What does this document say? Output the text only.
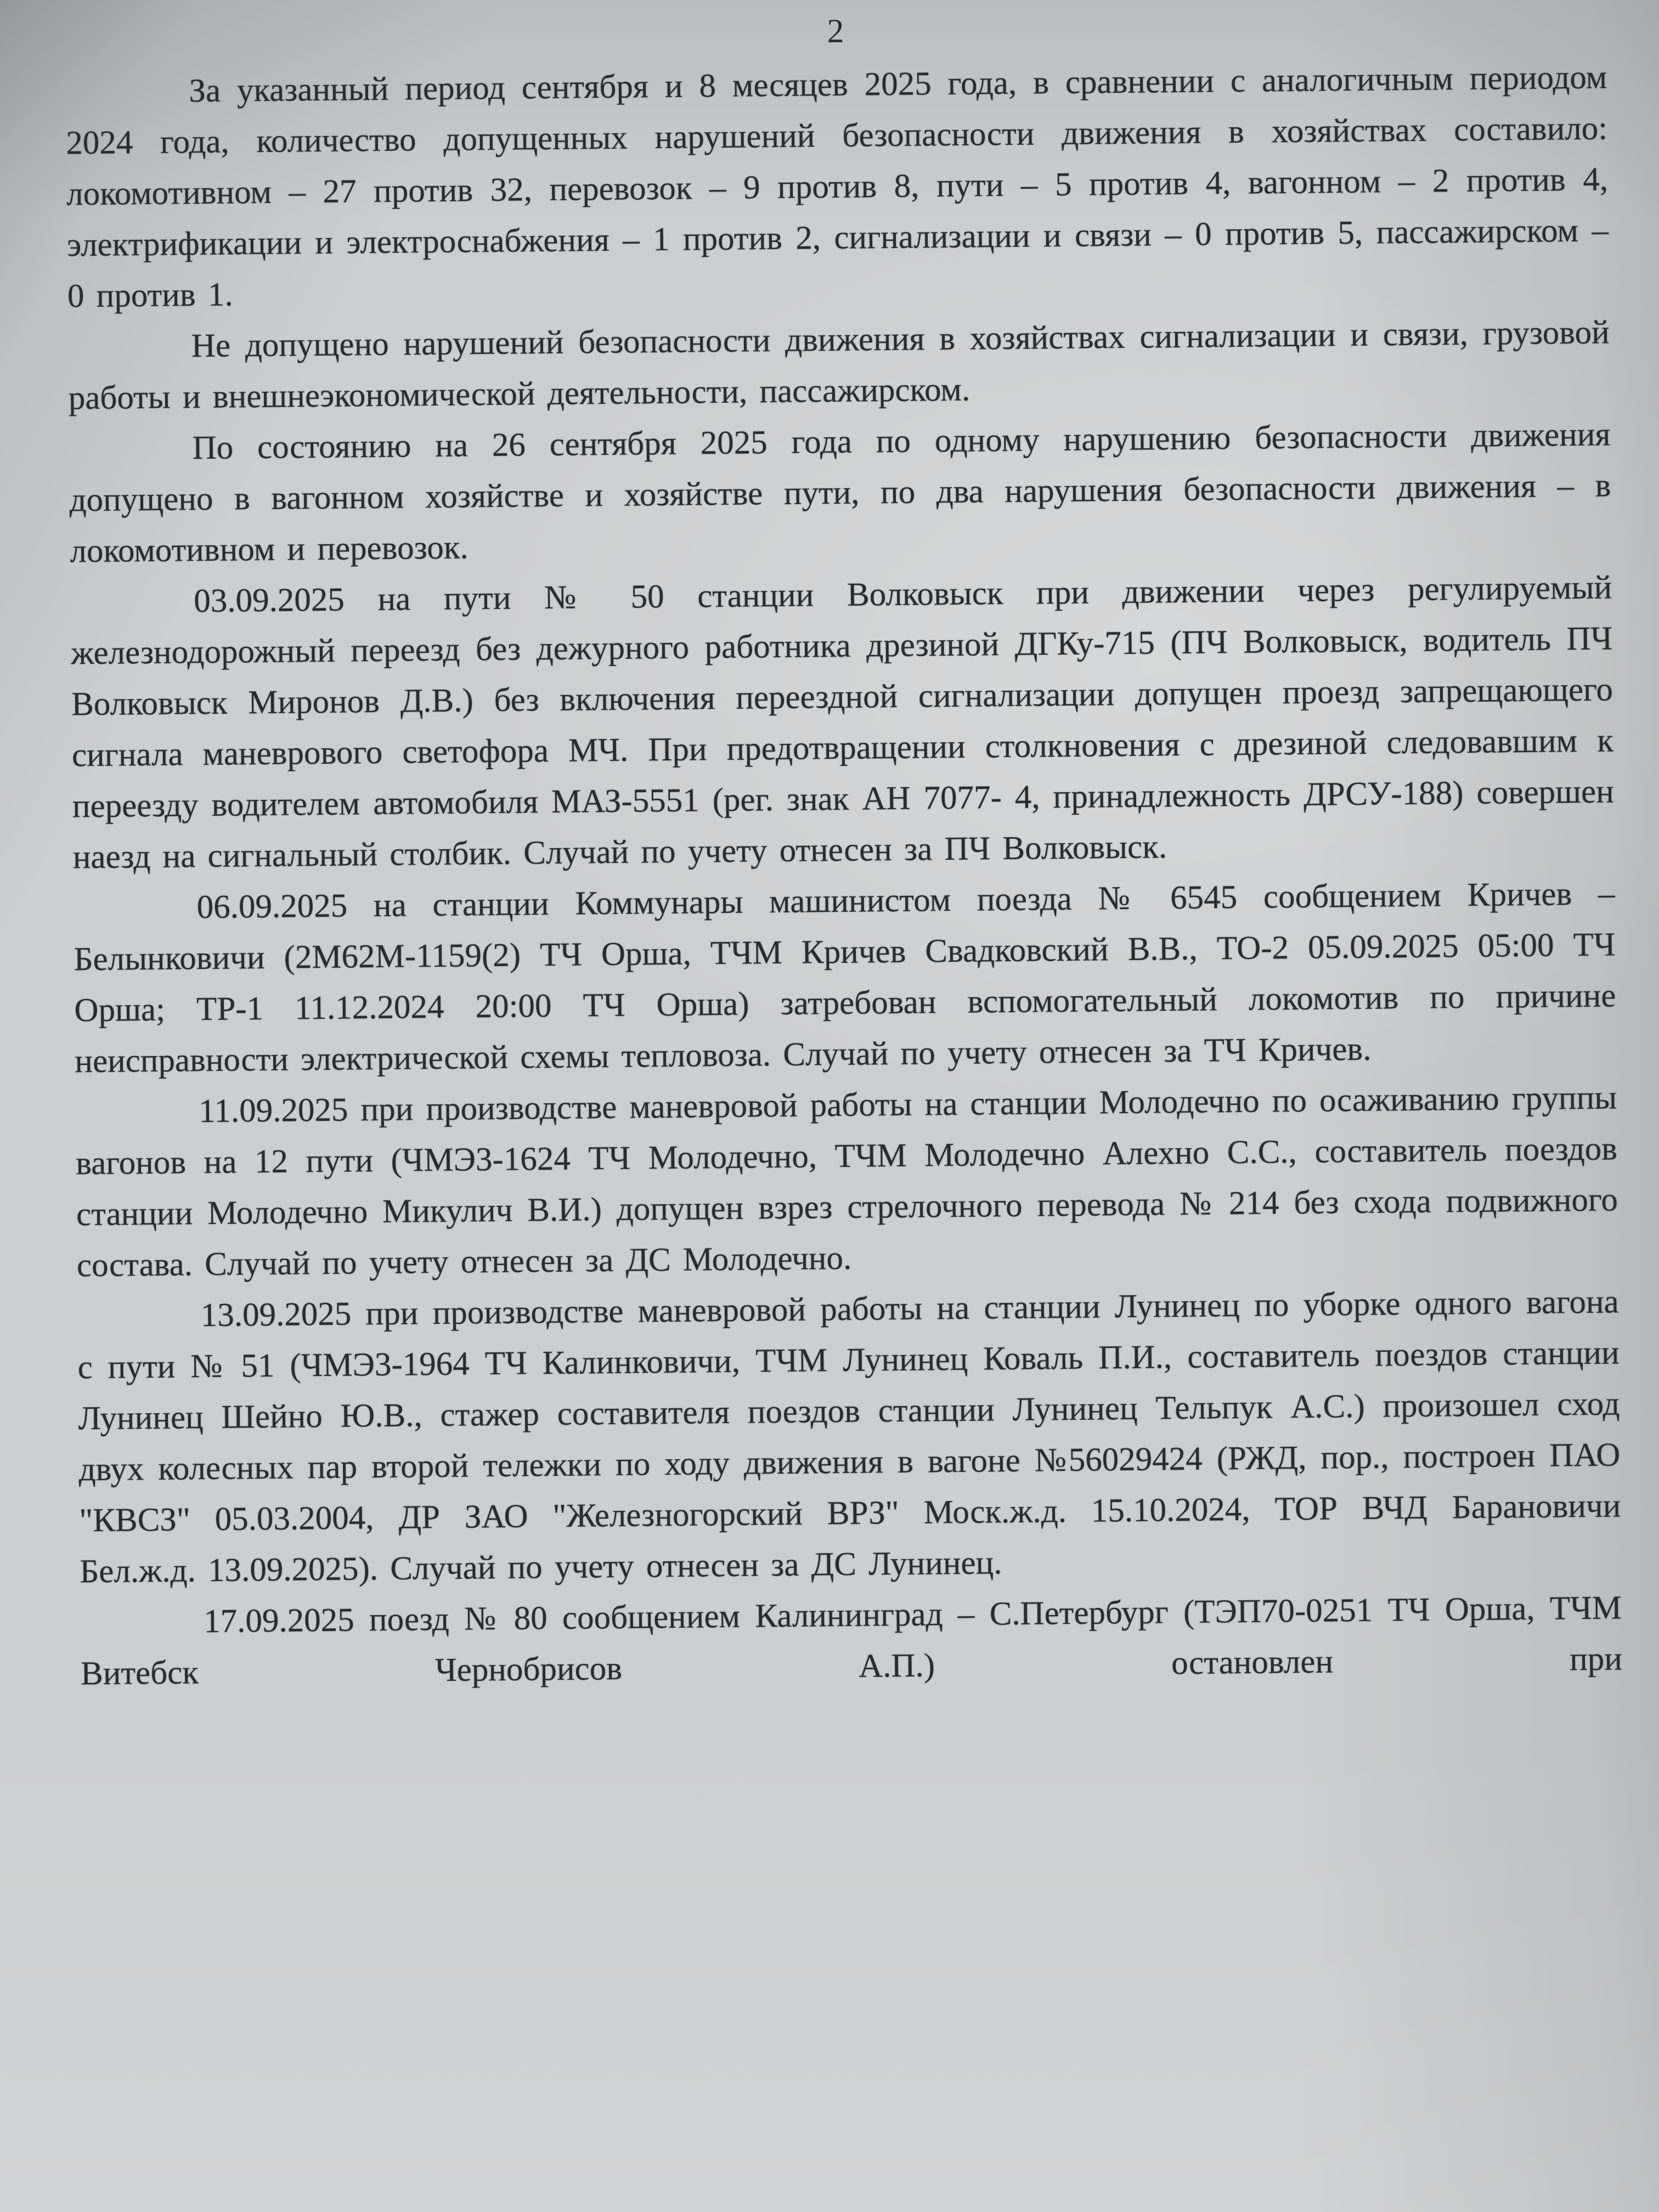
2

За указанный период сентября и 8 месяцев 2025 года, в сравнении с аналогичным периодом 2024 года, количество допущенных нарушений безопасности движения в хозяйствах составило: локомотивном – 27 против 32, перевозок – 9 против 8, пути – 5 против 4, вагонном – 2 против 4, электрификации и электроснабжения – 1 против 2, сигнализации и связи – 0 против 5, пассажирском – 0 против 1.

Не допущено нарушений безопасности движения в хозяйствах сигнализации и связи, грузовой работы и внешнеэкономической деятельности, пассажирском.

По состоянию на 26 сентября 2025 года по одному нарушению безопасности движения допущено в вагонном хозяйстве и хозяйстве пути, по два нарушения безопасности движения – в локомотивном и перевозок.

03.09.2025 на пути № 50 станции Волковыск при движении через регулируемый железнодорожный переезд без дежурного работника дрезиной ДГКу-715 (ПЧ Волковыск, водитель ПЧ Волковыск Миронов Д.В.) без включения переездной сигнализации допущен проезд запрещающего сигнала маневрового светофора МЧ. При предотвращении столкновения с дрезиной следовавшим к переезду водителем автомобиля МАЗ-5551 (рег. знак АН 7077- 4, принадлежность ДРСУ-188) совершен наезд на сигнальный столбик. Случай по учету отнесен за ПЧ Волковыск.

06.09.2025 на станции Коммунары машинистом поезда № 6545 сообщением Кричев – Белынковичи (2М62М-1159(2) ТЧ Орша, ТЧМ Кричев Свадковский В.В., ТО-2 05.09.2025 05:00 ТЧ Орша; ТР-1 11.12.2024 20:00 ТЧ Орша) затребован вспомогательный локомотив по причине неисправности электрической схемы тепловоза. Случай по учету отнесен за ТЧ Кричев.

11.09.2025 при производстве маневровой работы на станции Молодечно по осаживанию группы вагонов на 12 пути (ЧМЭ3-1624 ТЧ Молодечно, ТЧМ Молодечно Алехно С.С., составитель поездов станции Молодечно Микулич В.И.) допущен взрез стрелочного перевода № 214 без схода подвижного состава. Случай по учету отнесен за ДС Молодечно.

13.09.2025 при производстве маневровой работы на станции Лунинец по уборке одного вагона с пути № 51 (ЧМЭ3-1964 ТЧ Калинковичи, ТЧМ Лунинец Коваль П.И., составитель поездов станции Лунинец Шейно Ю.В., стажер составителя поездов станции Лунинец Тельпук А.С.) произошел сход двух колесных пар второй тележки по ходу движения в вагоне №56029424 (РЖД, пор., построен ПАО "КВСЗ" 05.03.2004, ДР ЗАО "Железногорский ВРЗ" Моск.ж.д. 15.10.2024, ТОР ВЧД Барановичи Бел.ж.д. 13.09.2025). Случай по учету отнесен за ДС Лунинец.

17.09.2025 поезд № 80 сообщением Калининград – С.Петербург (ТЭП70-0251 ТЧ Орша, ТЧМ Витебск Чернобрисов А.П.) остановлен при
